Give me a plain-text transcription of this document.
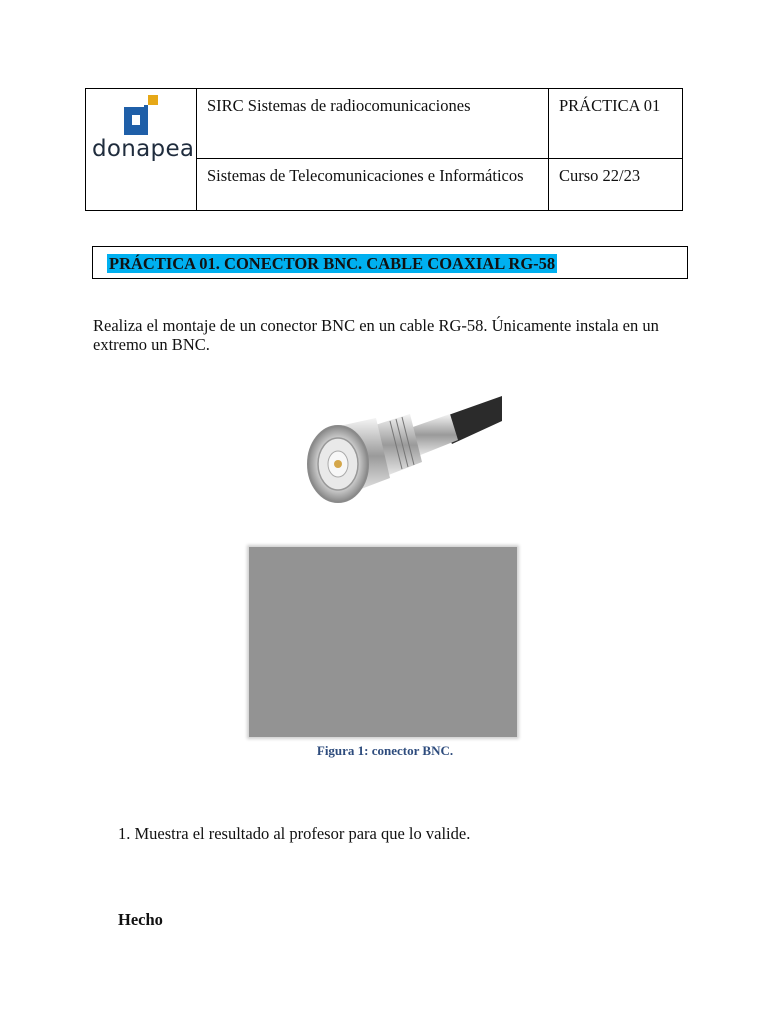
donapea	SIRC Sistemas de radiocomunicaciones	PRÁCTICA 01
	Sistemas de Telecomunicaciones e Informáticos	Curso 22/23
PRÁCTICA 01. CONECTOR BNC. CABLE COAXIAL RG-58
Realiza el montaje de un conector BNC en un cable RG-58. Únicamente instala en un extremo un BNC.
Figura 1: conector BNC.
1. Muestra el resultado al profesor para que lo valide.
Hecho
